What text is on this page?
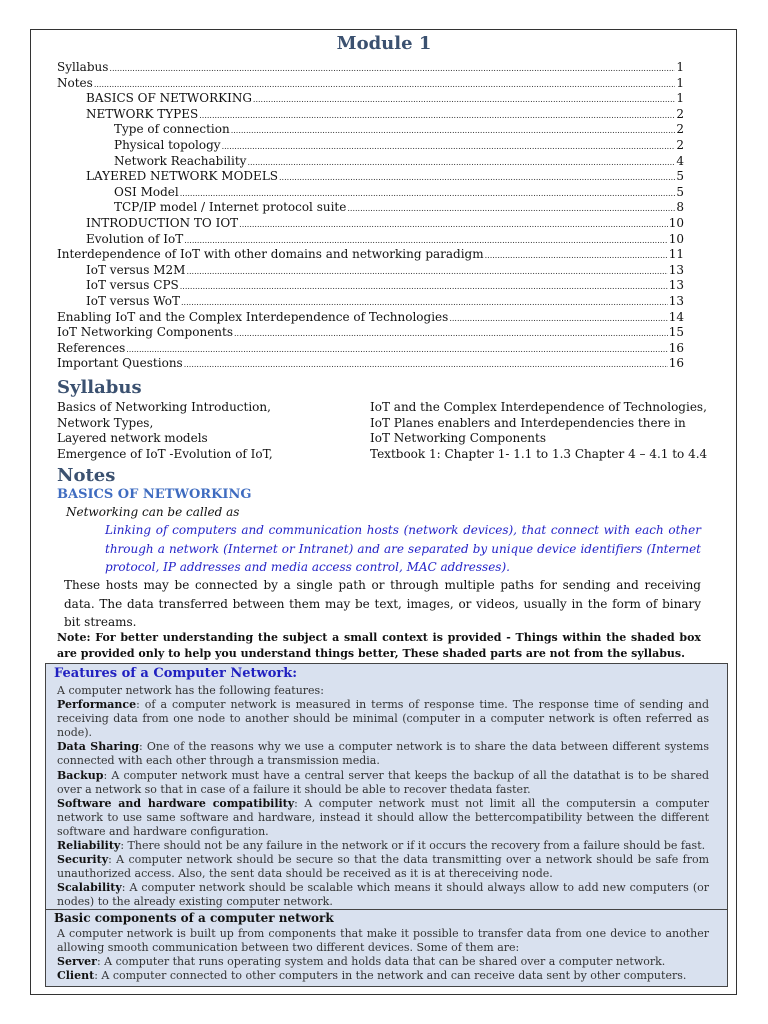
Module 1
Syllabus .....	1
Notes .....	1
BASICS OF NETWORKING .....	1
NETWORK TYPES .....	2
Type of connection .....	2
Physical topology .....	2
Network Reachability .....	4
LAYERED NETWORK MODELS .....	5
OSI Model .....	5
TCP/IP model / Internet protocol suite .....	8
INTRODUCTION TO IOT .....	10
Evolution of IoT .....	10
Interdependence of IoT with other domains and networking paradigm .....	11
IoT versus M2M .....	13
IoT versus CPS .....	13
IoT versus WoT .....	13
Enabling IoT and the Complex Interdependence of Technologies .....	14
IoT Networking Components .....	15
References .....	16
Important Questions .....	16
Syllabus
Basics of Networking Introduction,
Network Types,
Layered network models
Emergence of IoT -Evolution of IoT,
IoT and the Complex Interdependence of Technologies,
IoT Planes enablers and Interdependencies there in
IoT Networking Components
Textbook 1: Chapter 1- 1.1 to 1.3 Chapter 4 – 4.1 to 4.4
Notes
BASICS OF NETWORKING
Networking can be called as
Linking of computers and communication hosts (network devices), that connect with each other through a network (Internet or Intranet) and are separated by unique device identifiers (Internet protocol, IP addresses and media access control, MAC addresses).
These hosts may be connected by a single path or through multiple paths for sending and receiving data. The data transferred between them may be text, images, or videos, usually in the form of binary bit streams.
Note: For better understanding the subject a small context is provided - Things within the shaded box are provided only to help you understand things better, These shaded parts are not from the syllabus.
Features of a Computer Network:

A computer network has the following features:

Performance: of a computer network is measured in terms of response time. The response time of sending and receiving data from one node to another should be minimal (computer in a computer network is often referred as node).

Data Sharing: One of the reasons why we use a computer network is to share the data between different systems connected with each other through a transmission media.

Backup: A computer network must have a central server that keeps the backup of all the datathat is to be shared over a network so that in case of a failure it should be able to recover thedata faster.

Software and hardware compatibility: A computer network must not limit all the computersin a computer network to use same software and hardware, instead it should allow the bettercompatibility between the different software and hardware configuration.

Reliability: There should not be any failure in the network or if it occurs the recovery from a failure should be fast.

Security: A computer network should be secure so that the data transmitting over a network should be safe from unauthorized access. Also, the sent data should be received as it is at thereceiving node.

Scalability: A computer network should be scalable which means it should always allow to add new computers (or nodes) to the already existing computer network.

Basic components of a computer network

A computer network is built up from components that make it possible to transfer data from one device to another allowing smooth communication between two different devices. Some of them are:

Server: A computer that runs operating system and holds data that can be shared over a computer network.

Client: A computer connected to other computers in the network and can receive data sent by other computers.
